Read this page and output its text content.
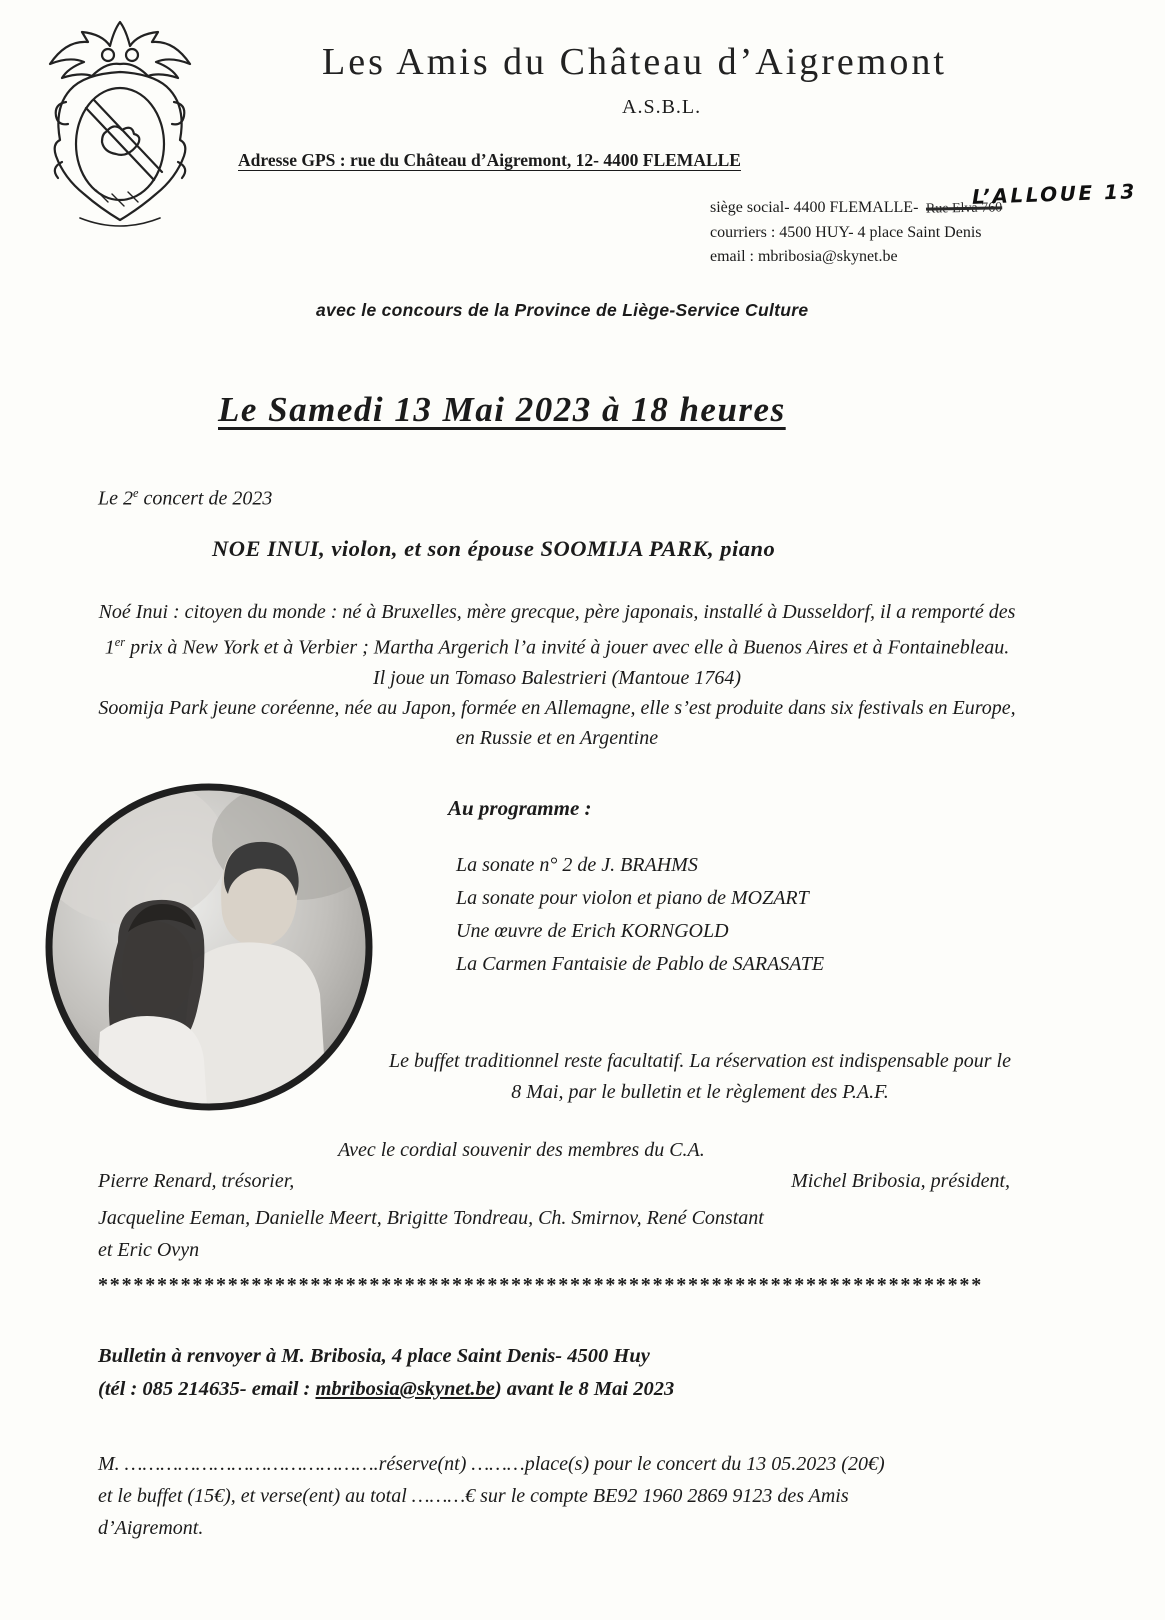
Les Amis du Château d’Aigremont
A.S.B.L.
Adresse GPS : rue du Château d’Aigremont, 12- 4400 FLEMALLE
siège social- 4400 FLEMALLE- Rue Elva 760
L’ALLOUE 13
courriers : 4500 HUY- 4 place Saint Denis
email : mbribosia@skynet.be
avec le concours de la Province de Liège-Service Culture
Le Samedi 13 Mai 2023 à 18 heures
Le 2e concert de 2023
NOE INUI, violon, et son épouse SOOMIJA PARK, piano

Noé Inui : citoyen du monde : né à Bruxelles, mère grecque, père japonais, installé à Dusseldorf, il a remporté des 1er prix à New York et à Verbier ; Martha Argerich l’a invité à jouer avec elle à Buenos Aires et à Fontainebleau.

Il joue un Tomaso Balestrieri (Mantoue 1764)

Soomija Park jeune coréenne, née au Japon, formée en Allemagne, elle s’est produite dans six festivals en Europe, en Russie et en Argentine

Au programme :
La sonate n° 2 de J. BRAHMS
La sonate pour violon et piano de MOZART
Une œuvre de Erich KORNGOLD
La Carmen Fantaisie de Pablo de SARASATE
Le buffet traditionnel reste facultatif. La réservation est indispensable pour le 8 Mai, par le bulletin et le règlement des P.A.F.
Avec le cordial souvenir des membres du C.A.
Pierre Renard, trésorier,	Michel Bribosia, président,
Jacqueline Eeman, Danielle Meert, Brigitte Tondreau, Ch. Smirnov, René Constant
et Eric Ovyn
***************************************************************************
Bulletin à renvoyer à M. Bribosia, 4 place Saint Denis- 4500 Huy
(tél : 085 214635- email : mbribosia@skynet.be) avant le 8 Mai 2023
M. …………………………………….réserve(nt) ………place(s) pour le concert du 13 05.2023 (20€)
et le buffet (15€), et verse(ent) au total ………€ sur le compte BE92 1960 2869 9123 des Amis
d’Aigremont.
